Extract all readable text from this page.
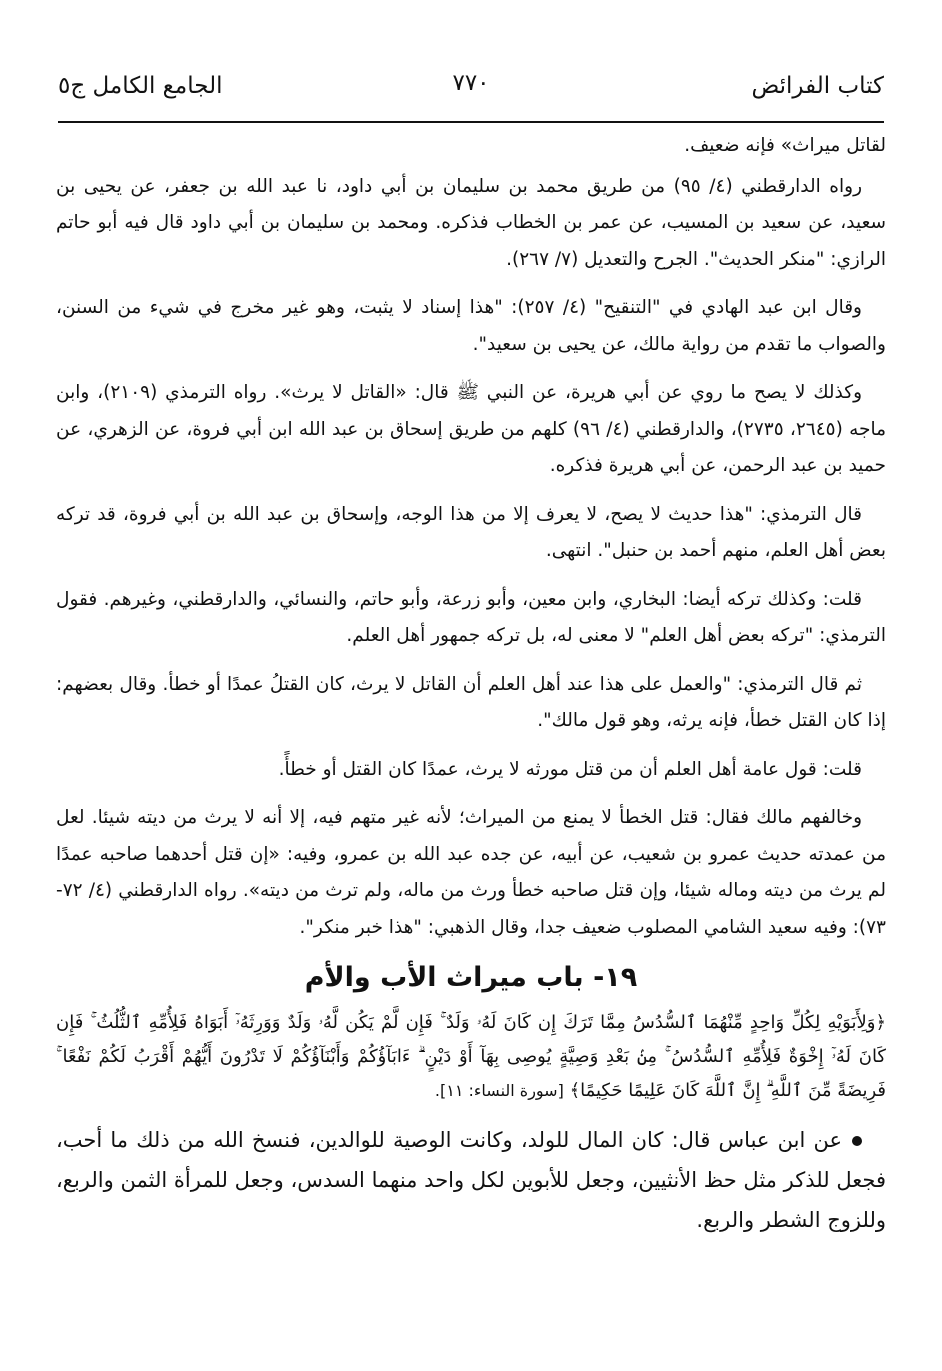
كتاب الفرائض
٧٧٠
الجامع الكامل ج٥

لقاتل ميراث» فإنه ضعيف.

رواه الدارقطني (٤/ ٩٥) من طريق محمد بن سليمان بن أبي داود، نا عبد الله بن جعفر، عن يحيى بن سعيد، عن سعيد بن المسيب، عن عمر بن الخطاب فذكره. ومحمد بن سليمان بن أبي داود قال فيه أبو حاتم الرازي: "منكر الحديث". الجرح والتعديل (٧/ ٢٦٧).

وقال ابن عبد الهادي في "التنقيح" (٤/ ٢٥٧): "هذا إسناد لا يثبت، وهو غير مخرج في شيء من السنن، والصواب ما تقدم من رواية مالك، عن يحيى بن سعيد".

وكذلك لا يصح ما روي عن أبي هريرة، عن النبي ﷺ قال: «القاتل لا يرث». رواه الترمذي (٢١٠٩)، وابن ماجه (٢٦٤٥، ٢٧٣٥)، والدارقطني (٤/ ٩٦) كلهم من طريق إسحاق بن عبد الله ابن أبي فروة، عن الزهري، عن حميد بن عبد الرحمن، عن أبي هريرة فذكره.

قال الترمذي: "هذا حديث لا يصح، لا يعرف إلا من هذا الوجه، وإسحاق بن عبد الله بن أبي فروة، قد تركه بعض أهل العلم، منهم أحمد بن حنبل". انتهى.

قلت: وكذلك تركه أيضا: البخاري، وابن معين، وأبو زرعة، وأبو حاتم، والنسائي، والدارقطني، وغيرهم. فقول الترمذي: "تركه بعض أهل العلم" لا معنى له، بل تركه جمهور أهل العلم.

ثم قال الترمذي: "والعمل على هذا عند أهل العلم أن القاتل لا يرث، كان القتلُ عمدًا أو خطأ. وقال بعضهم: إذا كان القتل خطأ، فإنه يرثه، وهو قول مالك".

قلت: قول عامة أهل العلم أن من قتل مورثه لا يرث، عمدًا كان القتل أو خطأً.

وخالفهم مالك فقال: قتل الخطأ لا يمنع من الميراث؛ لأنه غير متهم فيه، إلا أنه لا يرث من ديته شيئا. لعل من عمدته حديث عمرو بن شعيب، عن أبيه، عن جده عبد الله بن عمرو، وفيه: «إن قتل أحدهما صاحبه عمدًا لم يرث من ديته وماله شيئا، وإن قتل صاحبه خطأ ورث من ماله، ولم ترث من ديته». رواه الدارقطني (٤/ ٧٢- ٧٣): وفيه سعيد الشامي المصلوب ضعيف جدا، وقال الذهبي: "هذا خبر منكر".

١٩- باب ميراث الأب والأم

﴿وَلِأَبَوَيْهِ لِكُلِّ وَاحِدٍ مِّنْهُمَا ٱلسُّدُسُ مِمَّا تَرَكَ إِن كَانَ لَهُۥ وَلَدٌ ۚ فَإِن لَّمْ يَكُن لَّهُۥ وَلَدٌ وَوَرِثَهُۥٓ أَبَوَاهُ فَلِأُمِّهِ ٱلثُّلُثُ ۚ فَإِن كَانَ لَهُۥٓ إِخْوَةٌ فَلِأُمِّهِ ٱلسُّدُسُ ۚ مِنۢ بَعْدِ وَصِيَّةٍ يُوصِى بِهَآ أَوْ دَيْنٍ ۗ ءَابَآؤُكُمْ وَأَبْنَآؤُكُمْ لَا تَدْرُونَ أَيُّهُمْ أَقْرَبُ لَكُمْ نَفْعًا ۚ فَرِيضَةً مِّنَ ٱللَّهِ ۗ إِنَّ ٱللَّهَ كَانَ عَلِيمًا حَكِيمًا﴾ [سورة النساء: ١١].

عن ابن عباس قال: كان المال للولد، وكانت الوصية للوالدين، فنسخ الله من ذلك ما أحب، فجعل للذكر مثل حظ الأنثيين، وجعل للأبوين لكل واحد منهما السدس، وجعل للمرأة الثمن والربع، وللزوج الشطر والربع.
